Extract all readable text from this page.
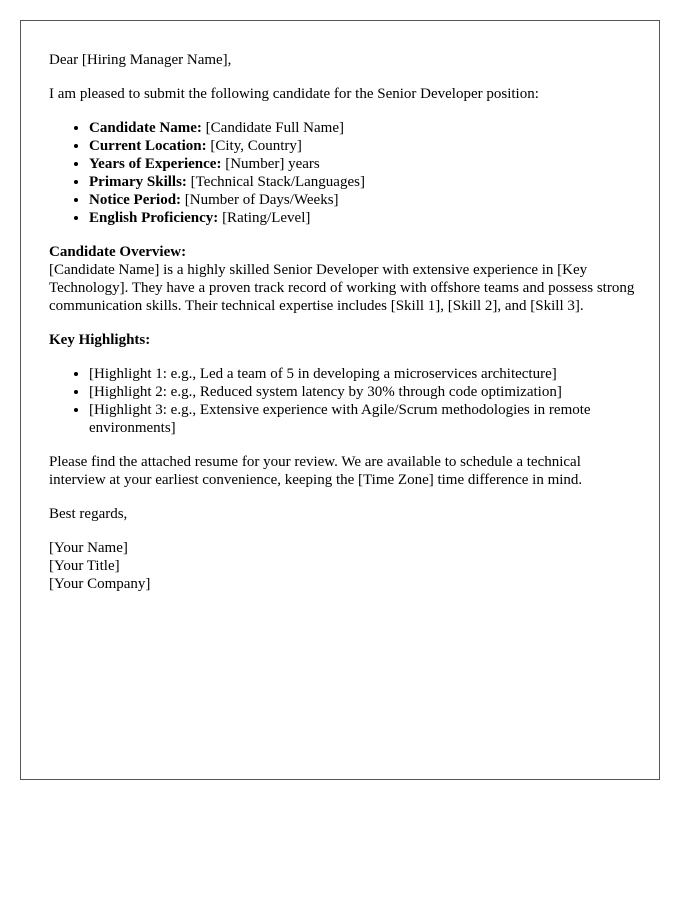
Dear [Hiring Manager Name],

I am pleased to submit the following candidate for the Senior Developer position:

• Candidate Name: [Candidate Full Name]
• Current Location: [City, Country]
• Years of Experience: [Number] years
• Primary Skills: [Technical Stack/Languages]
• Notice Period: [Number of Days/Weeks]
• English Proficiency: [Rating/Level]

Candidate Overview:
[Candidate Name] is a highly skilled Senior Developer with extensive experience in [Key Technology]. They have a proven track record of working with offshore teams and possess strong communication skills. Their technical expertise includes [Skill 1], [Skill 2], and [Skill 3].

Key Highlights:

• [Highlight 1: e.g., Led a team of 5 in developing a microservices architecture]
• [Highlight 2: e.g., Reduced system latency by 30% through code optimization]
• [Highlight 3: e.g., Extensive experience with Agile/Scrum methodologies in remote environments]

Please find the attached resume for your review. We are available to schedule a technical interview at your earliest convenience, keeping the [Time Zone] time difference in mind.

Best regards,

[Your Name]
[Your Title]
[Your Company]
